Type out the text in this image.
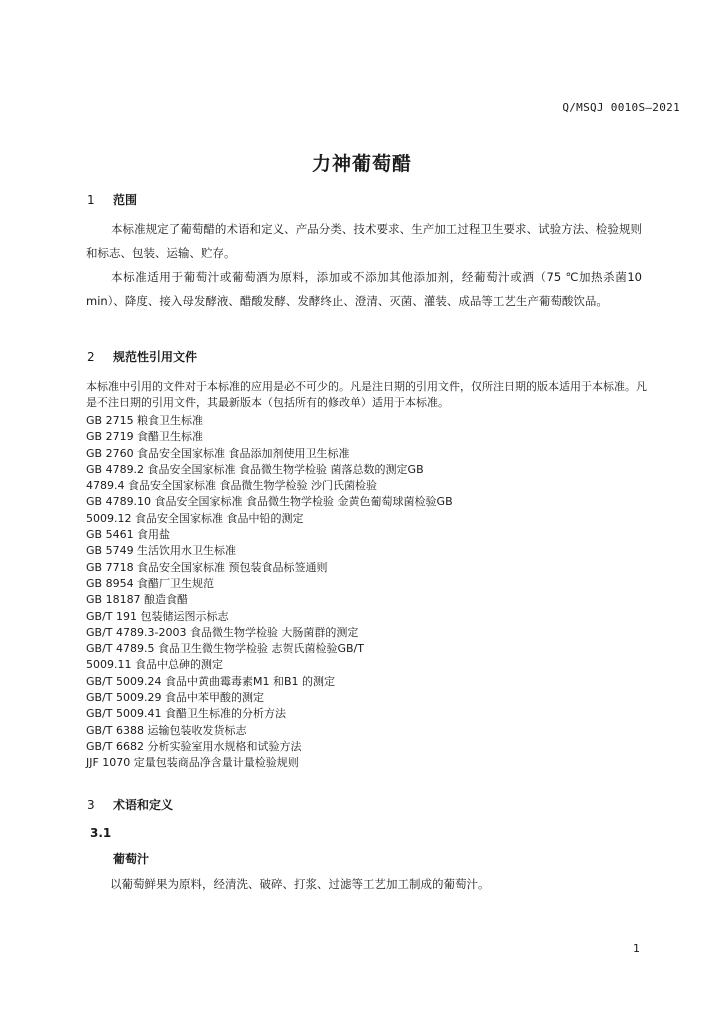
Q/MSQJ 0010S—2021
力神葡萄醋
1 范围

本标准规定了葡萄醋的术语和定义、产品分类、技术要求、生产加工过程卫生要求、试验方法、检验规则和标志、包装、运输、贮存。

本标准适用于葡萄汁或葡萄酒为原料，添加或不添加其他添加剂，经葡萄汁或酒（75 ℃加热杀菌10 min）、降度、接入母发酵液、醋酸发酵、发酵终止、澄清、灭菌、灌装、成品等工艺生产葡萄酸饮品。

2 规范性引用文件

本标准中引用的文件对于本标准的应用是必不可少的。凡是注日期的引用文件，仅所注日期的版本适用于本标准。凡是不注日期的引用文件，其最新版本（包括所有的修改单）适用于本标准。

GB 2715 粮食卫生标准
GB 2719 食醋卫生标准
GB 2760 食品安全国家标准 食品添加剂使用卫生标准
GB 4789.2 食品安全国家标准 食品微生物学检验 菌落总数的测定GB
4789.4 食品安全国家标准 食品微生物学检验 沙门氏菌检验
GB 4789.10 食品安全国家标准 食品微生物学检验 金黄色葡萄球菌检验GB
5009.12 食品安全国家标准 食品中铅的测定
GB 5461 食用盐
GB 5749 生活饮用水卫生标准
GB 7718 食品安全国家标准 预包装食品标签通则
GB 8954 食醋厂卫生规范
GB 18187 酿造食醋
GB/T 191 包装储运图示标志
GB/T 4789.3-2003 食品微生物学检验 大肠菌群的测定
GB/T 4789.5 食品卫生微生物学检验 志贺氏菌检验GB/T
5009.11 食品中总砷的测定
GB/T 5009.24 食品中黄曲霉毒素M1 和B1 的测定
GB/T 5009.29 食品中苯甲酸的测定
GB/T 5009.41 食醋卫生标准的分析方法
GB/T 6388 运输包装收发货标志
GB/T 6682 分析实验室用水规格和试验方法
JJF 1070 定量包装商品净含量计量检验规则
3 术语和定义
3.1
葡萄汁
以葡萄鲜果为原料，经清洗、破碎、打浆、过滤等工艺加工制成的葡萄汁。
1
